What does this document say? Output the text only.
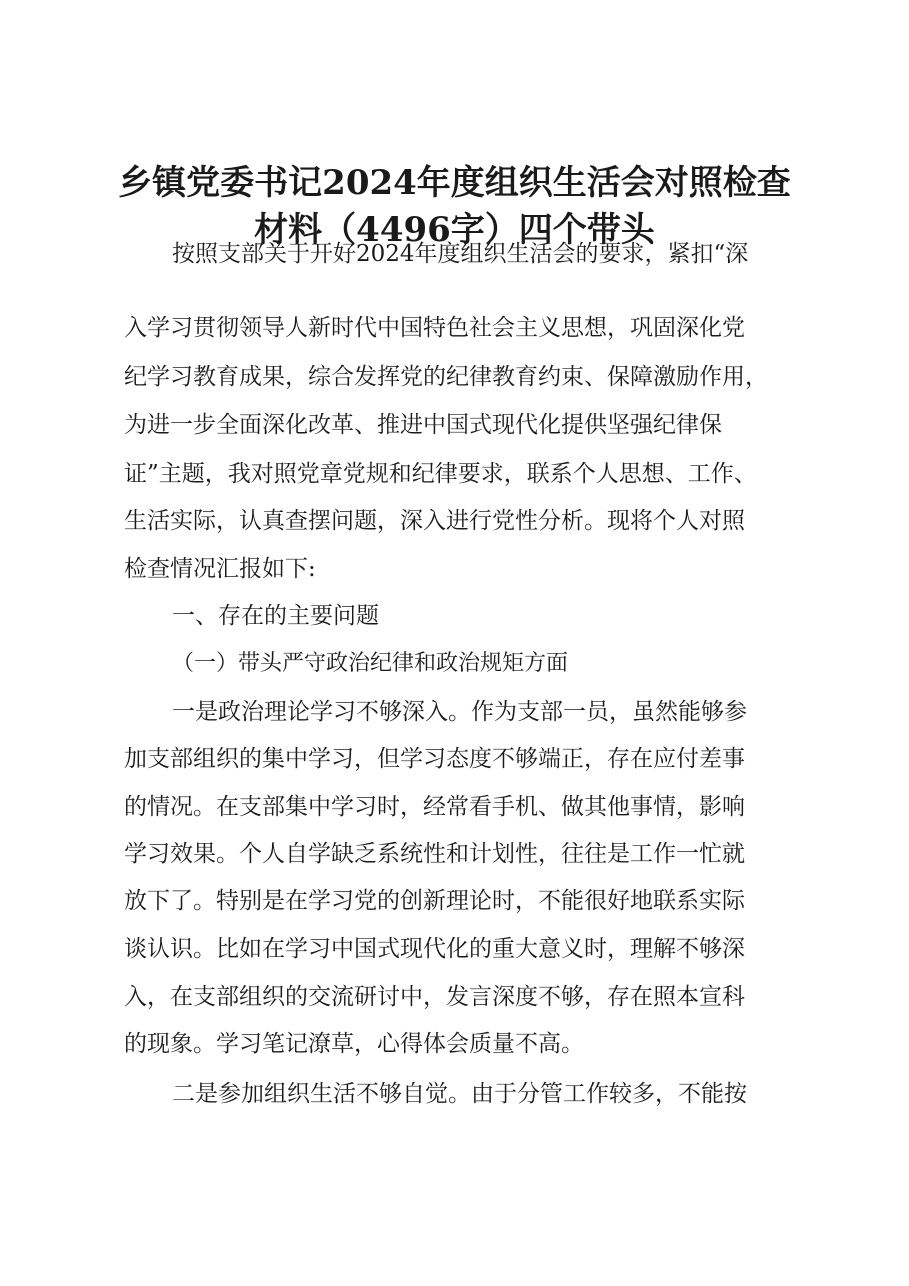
乡镇党委书记2024年度组织生活会对照检查
材料（4496字）四个带头

按照支部关于开好2024年度组织生活会的要求，紧扣“深

入学习贯彻领导人新时代中国特色社会主义思想，巩固深化党

纪学习教育成果，综合发挥党的纪律教育约束、保障激励作用，

为进一步全面深化改革、推进中国式现代化提供坚强纪律保

证”主题，我对照党章党规和纪律要求，联系个人思想、工作、

生活实际，认真查摆问题，深入进行党性分析。现将个人对照

检查情况汇报如下:

一、存在的主要问题

（一）带头严守政治纪律和政治规矩方面

一是政治理论学习不够深入。作为支部一员，虽然能够参

加支部组织的集中学习，但学习态度不够端正，存在应付差事

的情况。在支部集中学习时，经常看手机、做其他事情，影响

学习效果。个人自学缺乏系统性和计划性，往往是工作一忙就

放下了。特别是在学习党的创新理论时，不能很好地联系实际

谈认识。比如在学习中国式现代化的重大意义时，理解不够深

入，在支部组织的交流研讨中，发言深度不够，存在照本宣科

的现象。学习笔记潦草，心得体会质量不高。

二是参加组织生活不够自觉。由于分管工作较多，不能按
